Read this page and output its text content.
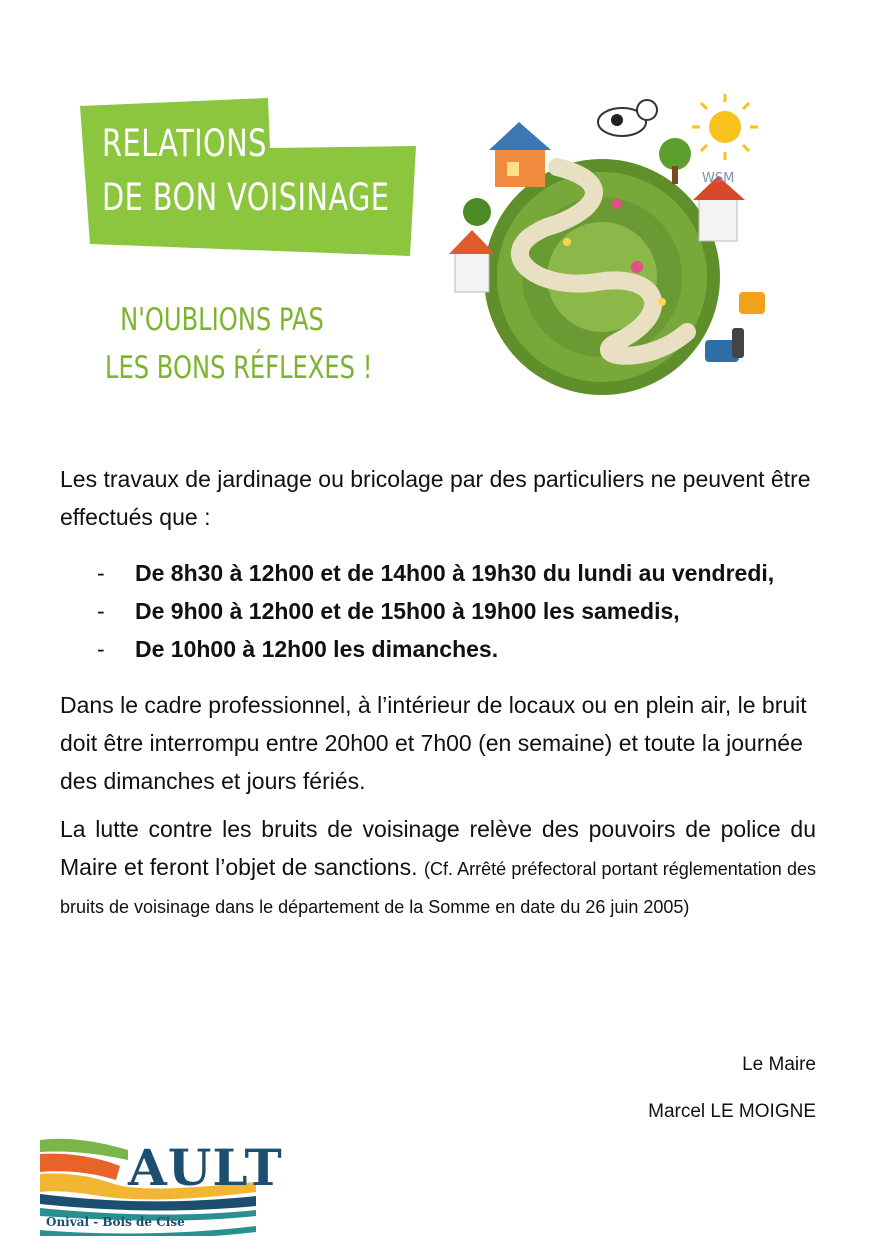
RELATIONS
DE BON VOISINAGE
N'OUBLIONS PAS
LES BONS RÉFLEXES !
WSM

Les travaux de jardinage ou bricolage par des particuliers ne peuvent être effectués que :

- De 8h30 à 12h00 et de 14h00 à 19h30 du lundi au vendredi,
- De 9h00 à 12h00 et de 15h00 à 19h00 les samedis,
- De 10h00 à 12h00 les dimanches.

Dans le cadre professionnel, à l’intérieur de locaux ou en plein air, le bruit doit être interrompu entre 20h00 et 7h00 (en semaine) et toute la journée des dimanches et jours fériés.

La lutte contre les bruits de voisinage relève des pouvoirs de police du Maire et feront l’objet de sanctions. (Cf. Arrêté préfectoral portant réglementation des bruits de voisinage dans le département de la Somme en date du 26 juin 2005)

Le Maire
Marcel LE MOIGNE
AULT
Onival - Bois de Cise
